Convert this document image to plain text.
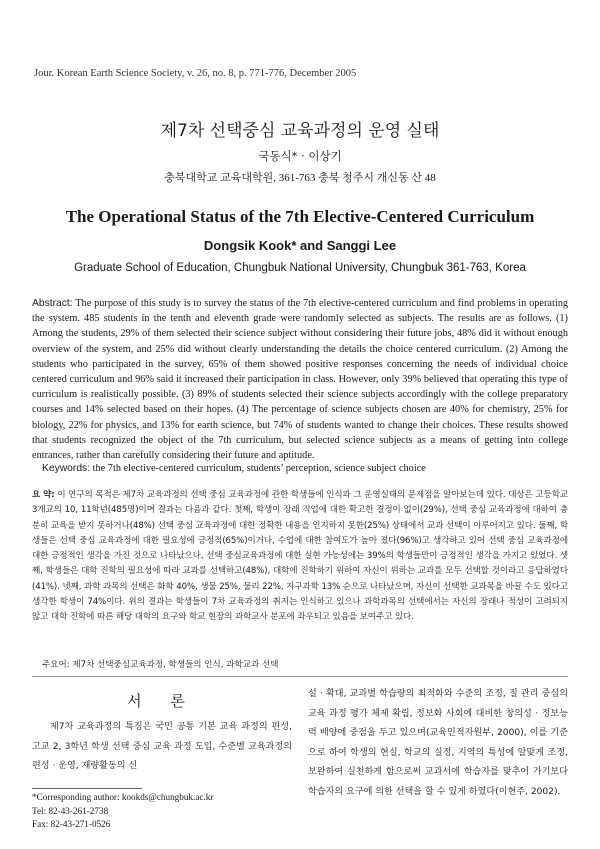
Jour. Korean Earth Science Society, v. 26, no. 8, p. 771-776, December 2005
제7차 선택중심 교육과정의 운영 실태
국동식* · 이상기
충북대학교 교육대학원, 361-763 충북 청주시 개신동 산 48
The Operational Status of the 7th Elective-Centered Curriculum
Dongsik Kook* and Sanggi Lee
Graduate School of Education, Chungbuk National University, Chungbuk 361-763, Korea
Abstract: The purpose of this study is to survey the status of the 7th elective-centered curriculum and find problems in operating the system. 485 students in the tenth and eleventh grade were randomly selected as subjects. The results are as follows. (1) Among the students, 29% of them selected their science subject without considering their future jobs, 48% did it without enough overview of the system, and 25% did without clearly understanding the details the choice centered curriculum. (2) Among the students who participated in the survey, 65% of them showed positive responses concerning the needs of individual choice centered curriculum and 96% said it increased their participation in class. However, only 39% believed that operating this type of curriculum is realistically possible. (3) 89% of students selected their science subjects accordingly with the college preparatory courses and 14% selected based on their hopes. (4) The percentage of science subjects chosen are 40% for chemistry, 25% for biology, 22% for physics, and 13% for earth science, but 74% of students wanted to change their choices. These results showed that students recognized the object of the 7th curriculum, but selected science subjects as a means of getting into college entrances, rather than carefully considering their future and aptitude.
Keywords: the 7th elective-centered curriculum, students’ perception, science subject choice
요 약: 이 연구의 목적은 제7차 교육과정의 선택 중심 교육과정에 관한 학생들에 인식과 그 운영실태의 문제점을 알아보는데 있다. 대상은 고등학교 3개교의 10, 11학년(485명)이며 결과는 다음과 같다. 첫째, 학생이 장래 직업에 대한 확고한 결정이 없이(29%), 선택 중심 교육과정에 대하여 충분히 교육을 받지 못하거나(48%) 선택 중심 교육과정에 대한 정확한 내용을 인지하지 못한(25%) 상태에서 교과 선택이 이루어지고 있다. 둘째, 학생들은 선택 중심 교육과정에 대한 필요성에 긍정적(65%)이거나, 수업에 대한 참여도가 높아 졌다(96%)고 생각하고 있어 선택 중심 교육과정에 대한 긍정적인 생각을 가진 것으로 나타났으나, 선택 중심교육과정에 대한 실현 가능성에는 39%의 학생들만이 긍정적인 생각을 가지고 있었다. 셋째, 학생들은 대학 진학의 필요성에 따라 교과를 선택하고(48%), 대학에 진학하기 위하여 자신이 위하는 교과를 모두 선택할 것이라고 응답하였다(41%). 넷째, 과학 과목의 선택은 화학 40%, 생물 25%, 물리 22%, 지구과학 13% 순으로 나타났으며, 자신이 선택한 교과목을 바꿀 수도 있다고 생각한 학생이 74%이다. 위의 결과는 학생들이 7차 교육과정의 취지는 인식하고 있으나 과학과목의 선택에서는 자신의 장래나 적성이 고려되지 않고 대학 진학에 따른 해당 대학의 요구와 학교 현장의 과학교사 분포에 좌우되고 있음을 보여주고 있다.
주요어: 제7차 선택중심교육과정, 학생들의 인식, 과학교과 선택
서 론
제7차 교육과정의 특징은 국민 공통 기본 교육 과정의 편성, 고교 2, 3학년 학생 선택 중심 교육 과정 도입, 수준별 교육과정의 편성 · 운영, 재량활동의 신
설 · 확대, 교과별 학습량의 최적화와 수준의 조정, 질 관리 중심의 교육 과정 평가 체제 확립, 정보화 사회에 대비한 창의성 · 정보능력 배양에 중점을 두고 있으며(교육인적자원부, 2000), 이를 기준으로 하여 학생의 현실, 학교의 실정, 지역의 특성에 알맞게 조정, 보완하여 실천하게 함으로써 교과서에 학습자를 맞추어 가기보다 학습자의 요구에 의한 선택을 할 수 있게 하였다(이현주, 2002).
*Corresponding author: kookds@chungbuk.ac.kr
Tel: 82-43-261-2738
Fax: 82-43-271-0526
